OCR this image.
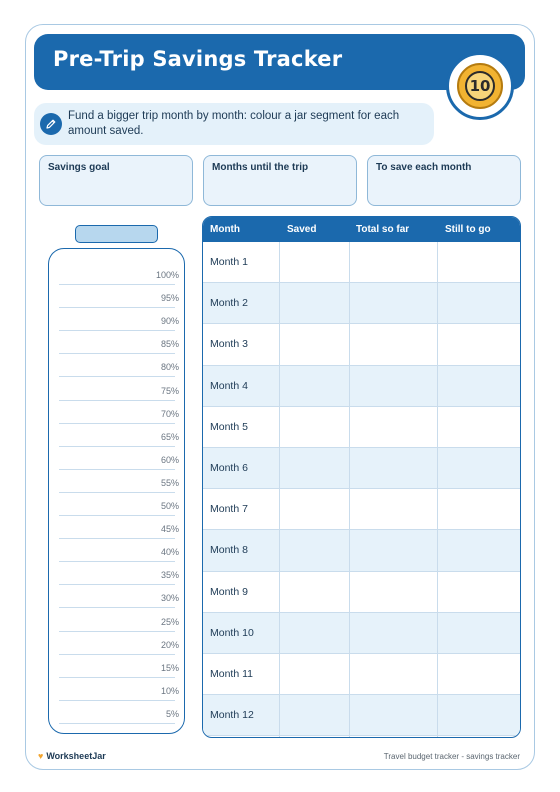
Pre-Trip Savings Tracker
10
Fund a bigger trip month by month: colour a jar segment for each amount saved.
Savings goal	Months until the trip	To save each month
100%
95%
90%
85%
80%
75%
70%
65%
60%
55%
50%
45%
40%
35%
30%
25%
20%
15%
10%
5%
Month	Saved	Total so far	Still to go
Month 1
Month 2
Month 3
Month 4
Month 5
Month 6
Month 7
Month 8
Month 9
Month 10
Month 11
Month 12
♥ WorksheetJar	Travel budget tracker - savings tracker
